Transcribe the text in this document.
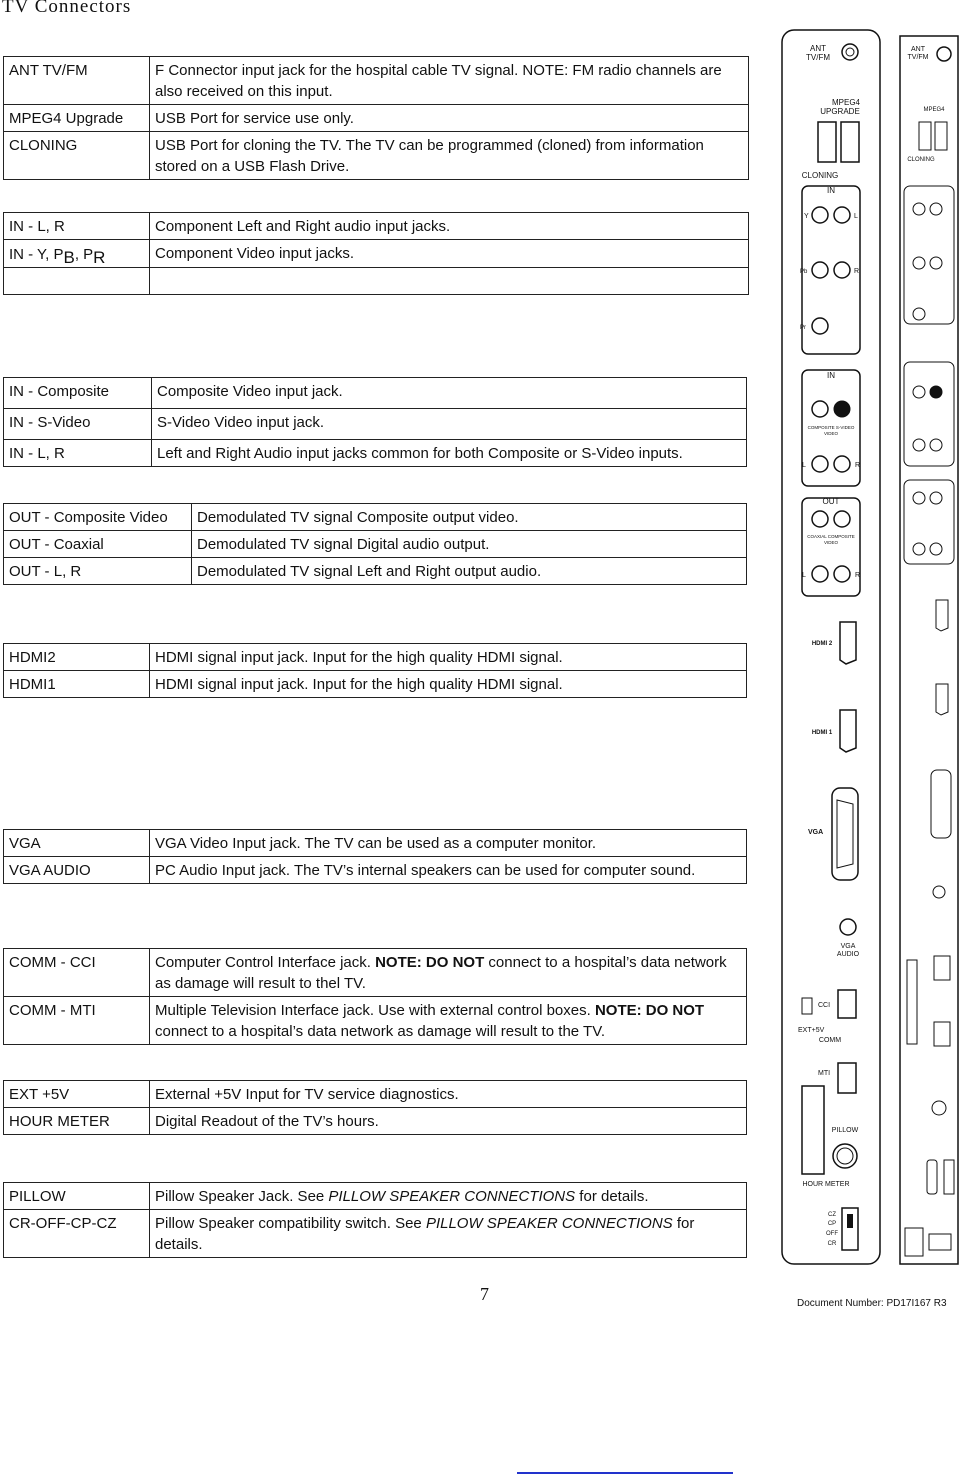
TV Connectors
ANT TV/FM	F Connector input jack for the hospital cable TV signal. NOTE: FM radio channels are also received on this input.
MPEG4 Upgrade	USB Port for service use only.
CLONING	USB Port for cloning the TV. The TV can be programmed (cloned) from information stored on a USB Flash Drive.
IN - L, R	Component Left and Right audio input jacks.
IN - Y, PB, PR	Component Video input jacks.

IN - Composite	Composite Video input jack.
IN - S-Video	S-Video Video input jack.
IN - L, R	Left and Right Audio input jacks common for both Composite or S-Video inputs.
OUT - Composite Video	Demodulated TV signal Composite output video.
OUT - Coaxial	Demodulated TV signal Digital audio output.
OUT - L, R	Demodulated TV signal Left and Right output audio.
HDMI2	HDMI signal input jack. Input for the high quality HDMI signal.
HDMI1	HDMI signal input jack. Input for the high quality HDMI signal.
VGA	VGA Video Input jack. The TV can be used as a computer monitor.
VGA AUDIO	PC Audio Input jack. The TV’s internal speakers can be used for computer sound.
COMM - CCI	Computer Control Interface jack. NOTE: DO NOT connect to a hospital’s data network as damage will result to thel TV.
COMM - MTI	Multiple Television Interface jack. Use with external control boxes. NOTE: DO NOT connect to a hospital’s data network as damage will result to the TV.
EXT +5V	External +5V Input for TV service diagnostics.
HOUR METER	Digital Readout of the TV’s hours.
PILLOW	Pillow Speaker Jack. See PILLOW SPEAKER CONNECTIONS for details.
CR-OFF-CP-CZ	Pillow Speaker compatibility switch. See PILLOW SPEAKER CONNECTIONS for details.
ANT
TV/FM
ANT
TV/FM
MPEG4
UPGRADE
CLONING
MPEG4
CLONING
IN
Y	L
Pb	R
Pr
IN
COMPOSITE S-VIDEO
VIDEO
L	R
OUT
COAXIAL COMPOSITE
VIDEO
L	R
HDMI 2
HDMI 1
VGA
VGA
AUDIO
EXT+5V
CCI
COMM
MTI
PILLOW
HOUR METER
CZ
CP
OFF
CR
7	Document Number: PD17I167 R3
